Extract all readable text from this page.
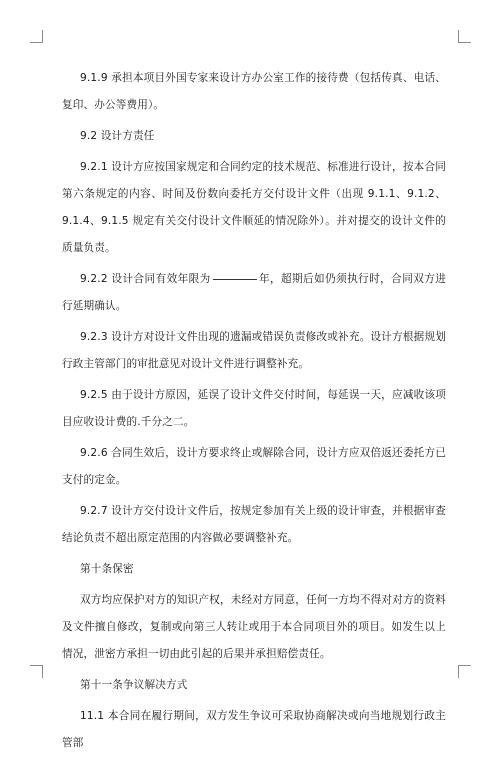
9.1.9 承担本项目外国专家来设计方办公室工作的接待费（包括传真、电话、复印、办公等费用）。

9.2 设计方责任

9.2.1 设计方应按国家规定和合同约定的技术规范、标准进行设计，按本合同第六条规定的内容、时间及份数向委托方交付设计文件（出现 9.1.1、9.1.2、9.1.4、9.1.5 规定有关交付设计文件顺延的情况除外）。并对提交的设计文件的质量负责。

9.2.2 设计合同有效年限为	年，超期后如仍须执行时，合同双方进行延期确认。

9.2.3 设计方对设计文件出现的遗漏或错误负责修改或补充。设计方根据规划行政主管部门的审批意见对设计文件进行调整补充。

9.2.5 由于设计方原因，延误了设计文件交付时间，每延误一天，应减收该项目应收设计费的.千分之二。

9.2.6 合同生效后，设计方要求终止或解除合同，设计方应双倍返还委托方已支付的定金。

9.2.7 设计方交付设计文件后，按规定参加有关上级的设计审查，并根据审查结论负责不超出原定范围的内容做必要调整补充。

第十条保密

双方均应保护对方的知识产权，未经对方同意，任何一方均不得对对方的资料及文件擅自修改，复制或向第三人转让或用于本合同项目外的项目。如发生以上情况，泄密方承担一切由此引起的后果并承担赔偿责任。

第十一条争议解决方式

11.1 本合同在履行期间，双方发生争议可采取协商解决或向当地规划行政主管部
